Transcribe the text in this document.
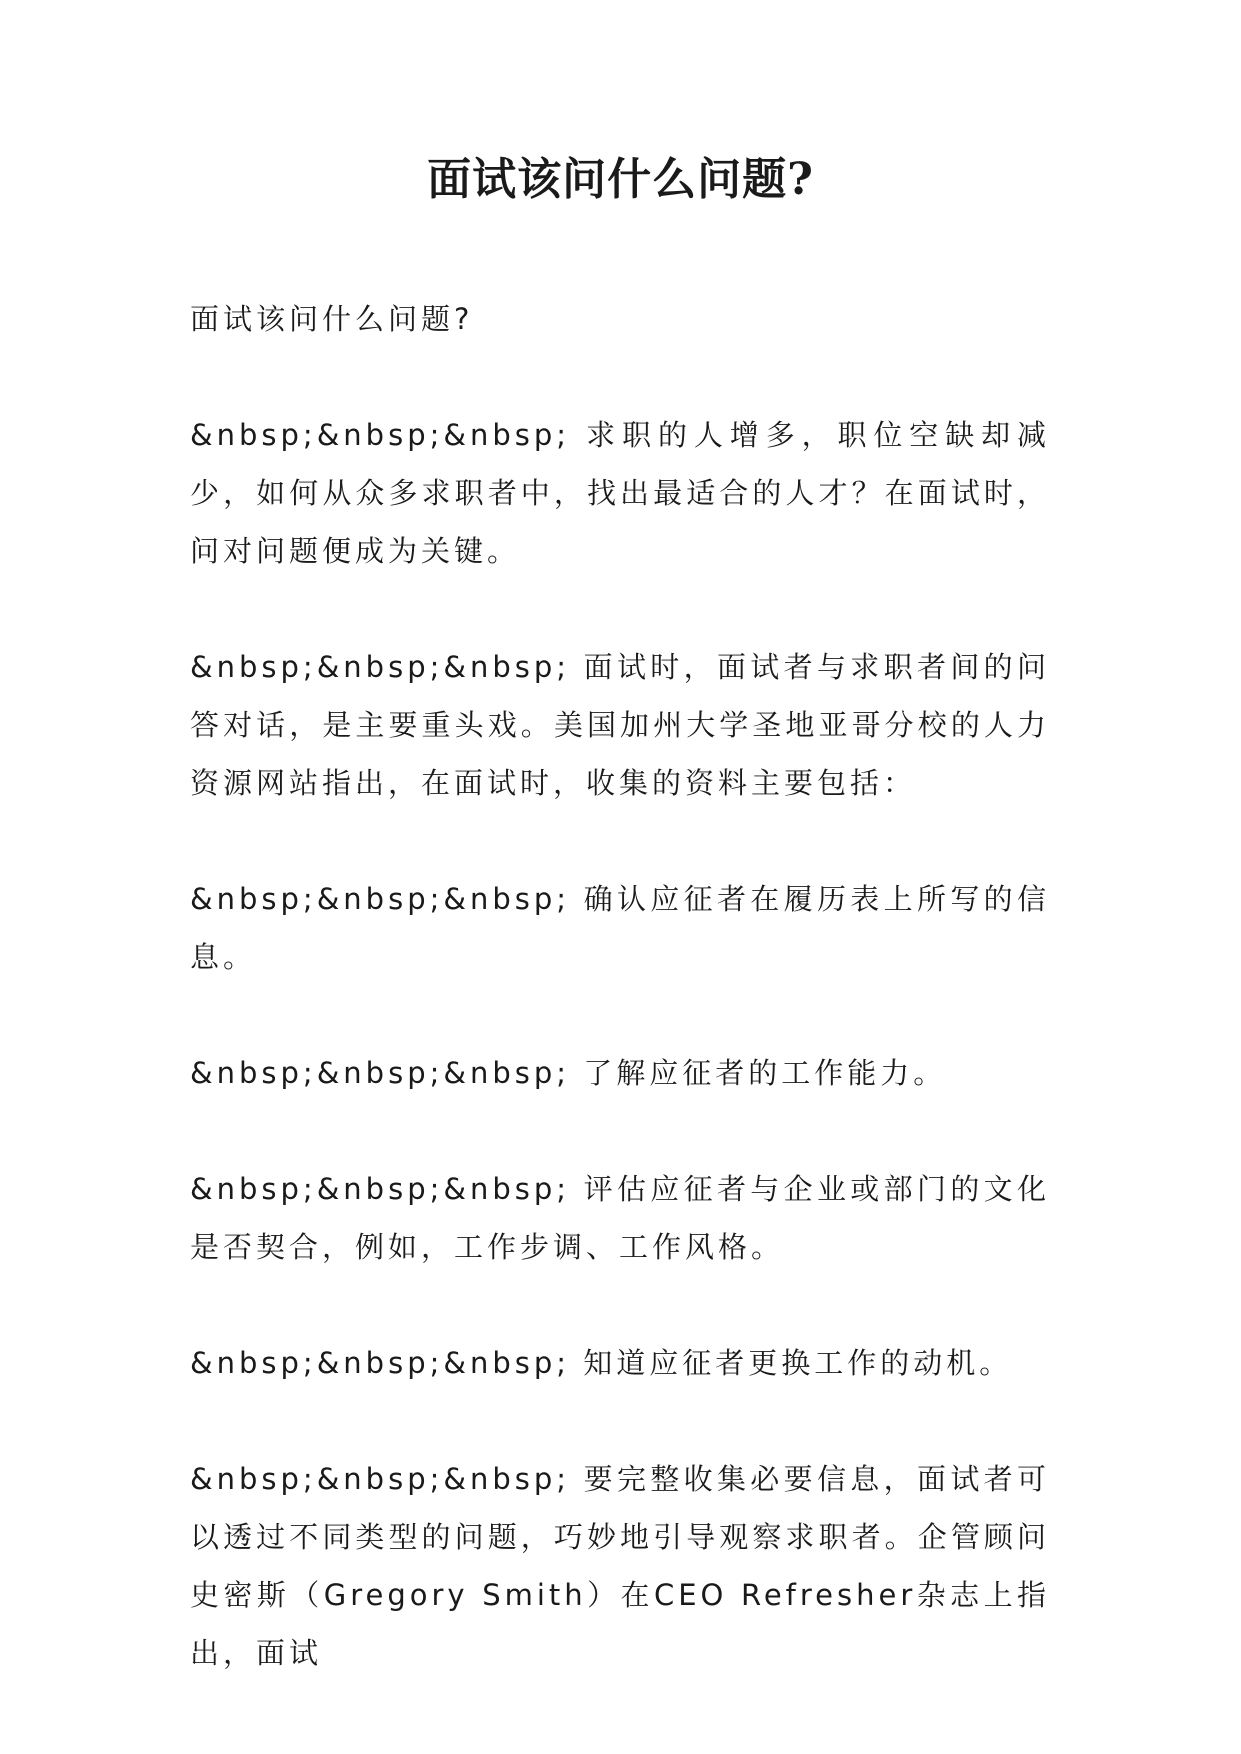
面试该问什么问题?

面试该问什么问题?

&nbsp;&nbsp;&nbsp; 求职的人增多，职位空缺却减少，如何从众多求职者中，找出最适合的人才？在面试时，问对问题便成为关键。

&nbsp;&nbsp;&nbsp; 面试时，面试者与求职者间的问答对话，是主要重头戏。美国加州大学圣地亚哥分校的人力资源网站指出，在面试时，收集的资料主要包括：

&nbsp;&nbsp;&nbsp; 确认应征者在履历表上所写的信息。

&nbsp;&nbsp;&nbsp; 了解应征者的工作能力。

&nbsp;&nbsp;&nbsp; 评估应征者与企业或部门的文化是否契合，例如，工作步调、工作风格。

&nbsp;&nbsp;&nbsp; 知道应征者更换工作的动机。

&nbsp;&nbsp;&nbsp; 要完整收集必要信息，面试者可以透过不同类型的问题，巧妙地引导观察求职者。企管顾问史密斯（Gregory Smith）在CEO Refresher杂志上指出，面试
